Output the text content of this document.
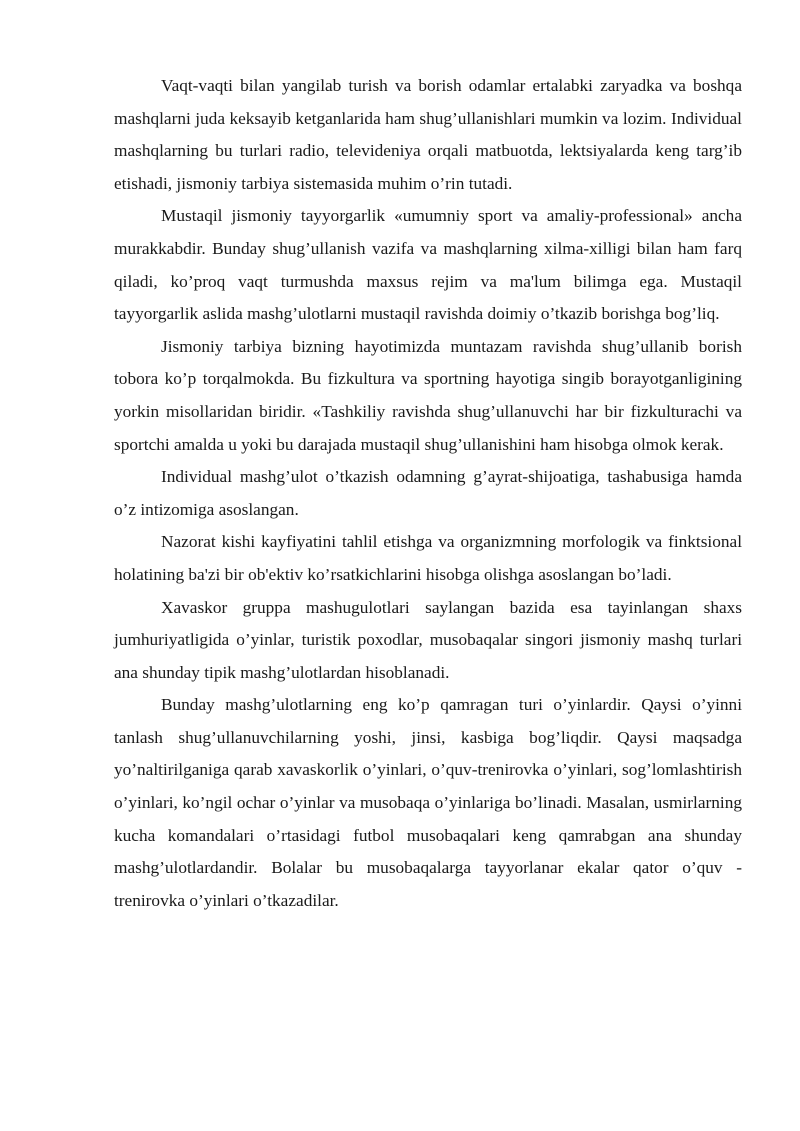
Vaqt-vaqti bilan yangilab turish va borish odamlar ertalabki zaryadka va boshqa mashqlarni juda keksayib ketganlarida ham shug’ullanishlari mumkin va lozim. Individual mashqlarning bu turlari radio, televideniya orqali matbuotda, lektsiyalarda keng targ’ib etishadi, jismoniy tarbiya sistemasida muhim o’rin tutadi.

Mustaqil jismoniy tayyorgarlik «umumniy sport va amaliy-professional» ancha murakkabdir. Bunday shug’ullanish vazifa va mashqlarning xilma-xilligi bilan ham farq qiladi, ko’proq vaqt turmushda maxsus rejim va ma'lum bilimga ega. Mustaqil tayyorgarlik aslida mashg’ulotlarni mustaqil ravishda doimiy o’tkazib borishga bog’liq.

Jismoniy tarbiya bizning hayotimizda muntazam ravishda shug’ullanib borish tobora ko’p torqalmokda. Bu fizkultura va sportning hayotiga singib borayotganligining yorkin misollaridan biridir. «Tashkiliy ravishda shug’ullanuvchi har bir fizkulturachi va sportchi amalda u yoki bu darajada mustaqil shug’ullanishini ham hisobga olmok kerak.

Individual mashg’ulot o’tkazish odamning g’ayrat-shijoatiga, tashabusiga hamda o’z intizomiga asoslangan.

Nazorat kishi kayfiyatini tahlil etishga va organizmning morfologik va finktsional holatining ba'zi bir ob'ektiv ko’rsatkichlarini hisobga olishga asoslangan bo’ladi.

Xavaskor gruppa mashugulotlari saylangan bazida esa tayinlangan shaxs jumhuriyatligida o’yinlar, turistik poxodlar, musobaqalar singori jismoniy mashq turlari ana shunday tipik mashg’ulotlardan hisoblanadi.

Bunday mashg’ulotlarning eng ko’p qamragan turi o’yinlardir. Qaysi o’yinni tanlash shug’ullanuvchilarning yoshi, jinsi, kasbiga bog’liqdir. Qaysi maqsadga yo’naltirilganiga qarab xavaskorlik o’yinlari, o’quv-trenirovka o’yinlari, sog’lomlashtirish o’yinlari, ko’ngil ochar o’yinlar va musobaqa o’yinlariga bo’linadi. Masalan, usmirlarning kucha komandalari o’rtasidagi futbol musobaqalari keng qamrabgan ana shunday mashg’ulotlardandir. Bolalar bu musobaqalarga tayyorlanar ekalar qator o’quv - trenirovka o’yinlari o’tkazadilar.
